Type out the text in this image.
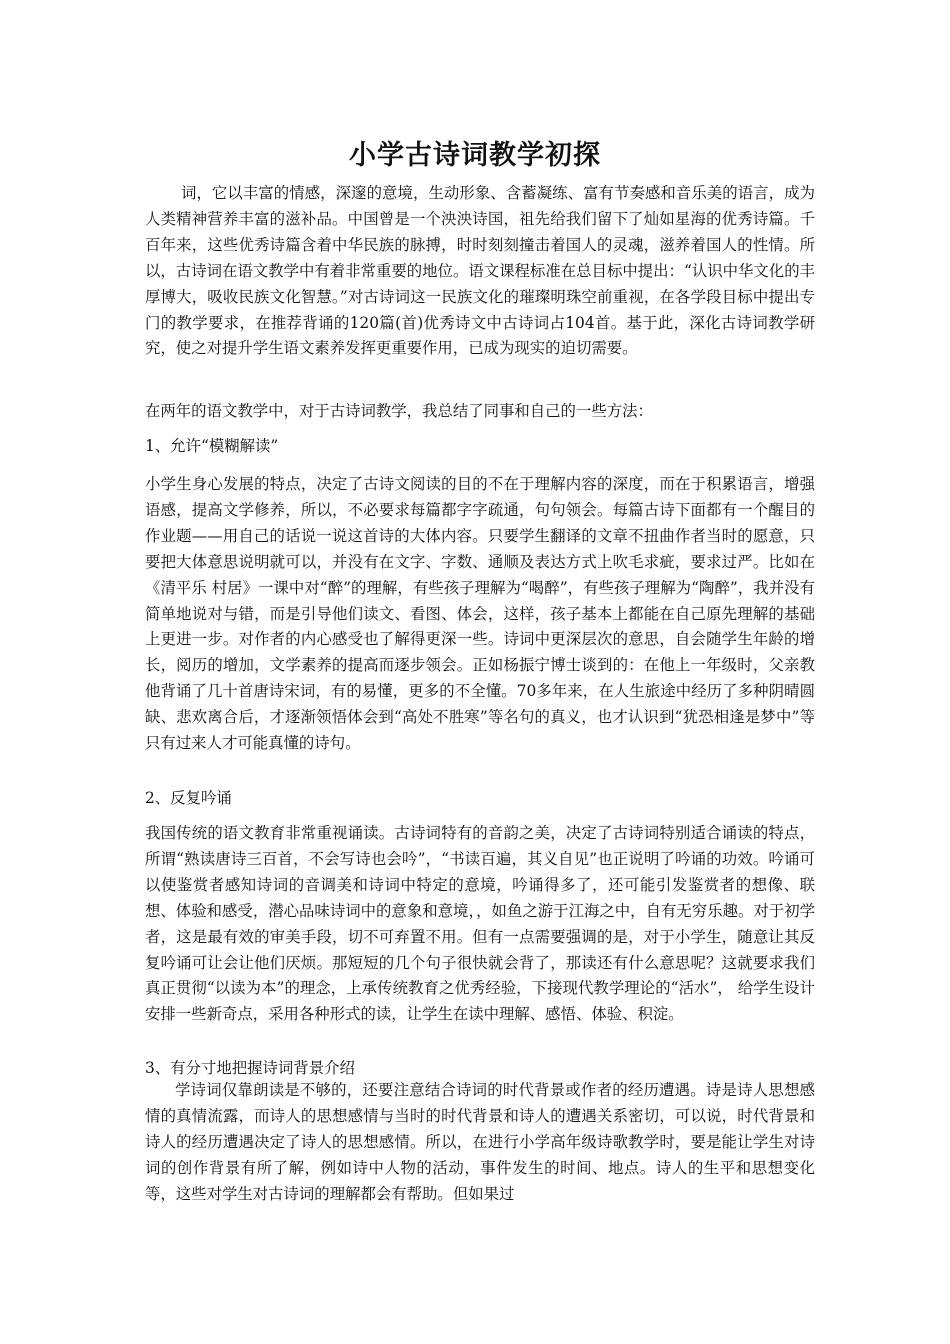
小学古诗词教学初探

词，它以丰富的情感，深邃的意境，生动形象、含蓄凝练、富有节奏感和音乐美的语言，成为人类精神营养丰富的滋补品。中国曾是一个泱泱诗国，祖先给我们留下了灿如星海的优秀诗篇。千百年来，这些优秀诗篇含着中华民族的脉搏，时时刻刻撞击着国人的灵魂，滋养着国人的性情。所以，古诗词在语文教学中有着非常重要的地位。语文课程标准在总目标中提出：“认识中华文化的丰厚博大，吸收民族文化智慧。”对古诗词这一民族文化的璀璨明珠空前重视，在各学段目标中提出专门的教学要求，在推荐背诵的120篇(首)优秀诗文中古诗词占104首。基于此，深化古诗词教学研究，使之对提升学生语文素养发挥更重要作用，已成为现实的迫切需要。

在两年的语文教学中，对于古诗词教学，我总结了同事和自己的一些方法：

1、允许“模糊解读”

小学生身心发展的特点，决定了古诗文阅读的目的不在于理解内容的深度，而在于积累语言，增强语感，提高文学修养，所以，不必要求每篇都字字疏通，句句领会。每篇古诗下面都有一个醒目的作业题——用自己的话说一说这首诗的大体内容。只要学生翻译的文章不扭曲作者当时的愿意，只要把大体意思说明就可以，并没有在文字、字数、通顺及表达方式上吹毛求疵，要求过严。比如在《清平乐 村居》一课中对“醉”的理解，有些孩子理解为“喝醉”，有些孩子理解为“陶醉”，我并没有简单地说对与错，而是引导他们读文、看图、体会，这样，孩子基本上都能在自己原先理解的基础上更进一步。对作者的内心感受也了解得更深一些。诗词中更深层次的意思，自会随学生年龄的增长，阅历的增加，文学素养的提高而逐步领会。正如杨振宁博士谈到的：在他上一年级时，父亲教他背诵了几十首唐诗宋词，有的易懂，更多的不全懂。70多年来，在人生旅途中经历了多种阴晴圆缺、悲欢离合后，才逐渐领悟体会到“高处不胜寒”等名句的真义，也才认识到“犹恐相逢是梦中”等只有过来人才可能真懂的诗句。

2、反复吟诵

我国传统的语文教育非常重视诵读。古诗词特有的音韵之美，决定了古诗词特别适合诵读的特点，所谓“熟读唐诗三百首，不会写诗也会吟”，“书读百遍，其义自见”也正说明了吟诵的功效。吟诵可以使鉴赏者感知诗词的音调美和诗词中特定的意境，吟诵得多了，还可能引发鉴赏者的想像、联想、体验和感受，潜心品味诗词中的意象和意境，，如鱼之游于江海之中，自有无穷乐趣。对于初学者，这是最有效的审美手段，切不可弃置不用。但有一点需要强调的是，对于小学生，随意让其反复吟诵可让会让他们厌烦。那短短的几个句子很快就会背了，那读还有什么意思呢？这就要求我们真正贯彻“以读为本”的理念，上承传统教育之优秀经验，下接现代教学理论的“活水”， 给学生设计安排一些新奇点，采用各种形式的读，让学生在读中理解、感悟、体验、积淀。

3、有分寸地把握诗词背景介绍

学诗词仅靠朗读是不够的，还要注意结合诗词的时代背景或作者的经历遭遇。诗是诗人思想感情的真情流露，而诗人的思想感情与当时的时代背景和诗人的遭遇关系密切，可以说，时代背景和诗人的经历遭遇决定了诗人的思想感情。所以，在进行小学高年级诗歌教学时，要是能让学生对诗词的创作背景有所了解，例如诗中人物的活动，事件发生的时间、地点。诗人的生平和思想变化等，这些对学生对古诗词的理解都会有帮助。但如果过
